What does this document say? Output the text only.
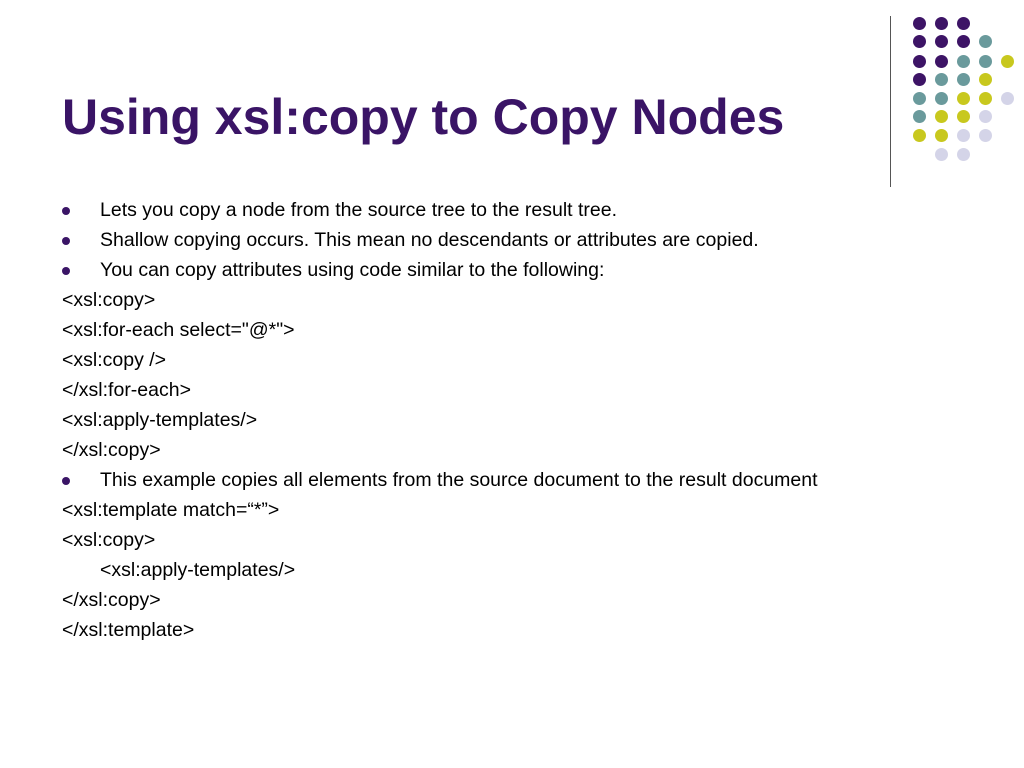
Using xsl:copy to Copy Nodes
Lets you copy a node from the source tree to the result tree.
Shallow copying occurs. This mean no descendants or attributes are copied.
You can copy attributes using code similar to the following:
<xsl:copy>
<xsl:for-each select="@*">
<xsl:copy />
</xsl:for-each>
<xsl:apply-templates/>
</xsl:copy>
This example copies all elements from the source document to the result document
<xsl:template match=“*”>
<xsl:copy>
<xsl:apply-templates/>
</xsl:copy>
</xsl:template>
